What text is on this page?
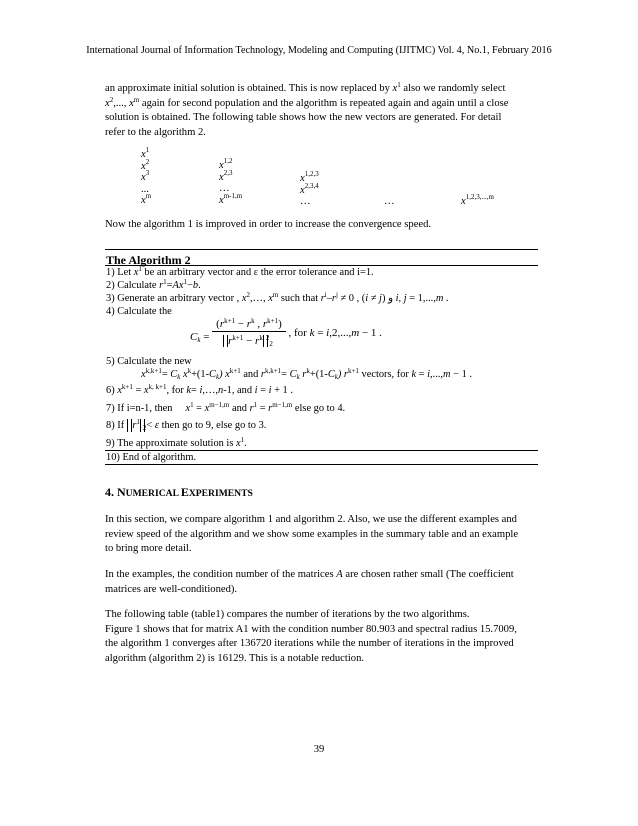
International Journal of Information Technology, Modeling and Computing (IJITMC) Vol. 4, No.1, February 2016
an approximate initial solution is obtained. This is now replaced by $x^1$ also we randomly select
$x^2$,..., $x^m$ again for second population and the algorithm is repeated again and again until a close
solution is obtained. The following table shows how the new vectors are generated. For detail
refer to the algorithm 2.
$x^1$
$x^2$
$x^3$
...
$x^m$
$x^{1,2}$
$x^{2,3}$
…
$x^{m-1,m}$
$x^{1,2,3}$
$x^{2,3,4}$
…	…	$x^{1,2,3,...,m}$
Now the algorithm 1 is improved in order to increase the convergence speed.
The Algorithm 2
1) Let $x^1$ be an arbitrary vector and ε the error tolerance and i=1.
2) Calculate $r^1=Ax^1-b$.
3) Generate an arbitrary vector , $x^2,\dots$, $x^m$ such that $r^i-r^j \ne 0$ , (i ≠ j) و i, j = 1,...,m .
4) Calculate the
$C_k = \frac{(r^{k+1} - r^k , r^{k+1})}{r^{k+1} - r^k ^2_2}$ , for k = i,2,...,m − 1 .
5) Calculate the new
$x^{k,k+1}= C_k$ $x^k+(1-C_k)$ $x^{k+1}$ and $r^{k,k+1}= C_k$ $r^k+(1-C_k)$ $r^{k+1}$ vectors, for k = i,...,m − 1 .
6) $x^{k+1} = x^{k, k+1}$, for k= i,…,n-1, and i = i + 1 .
7) If i=n-1, then     $x^1 = x^{m-1,m}$ and $r^1 = r^{m-1,m}$ else go to 4.
8) If  $r^1_2< \varepsilon$ then go to 9, else go to 3.
9) The approximate solution is $x^1$.
10) End of algorithm.
4. NUMERICAL EXPERIMENTS
In this section, we compare algorithm 1 and algorithm 2. Also, we use the different examples and
review speed of the algorithm and we show some examples in the summary table and an example
to bring more detail.
In the examples, the condition number of the matrices A are chosen rather small (The coefficient
matrices are well-conditioned).
The following table (table1) compares the number of iterations by the two algorithms.
Figure 1 shows that for matrix A1 with the condition number 80.903 and spectral radius 15.7009,
the algorithm 1 converges after 136720 iterations while the number of iterations in the improved
algorithm (algorithm 2) is 16129. This is a notable reduction.
39
